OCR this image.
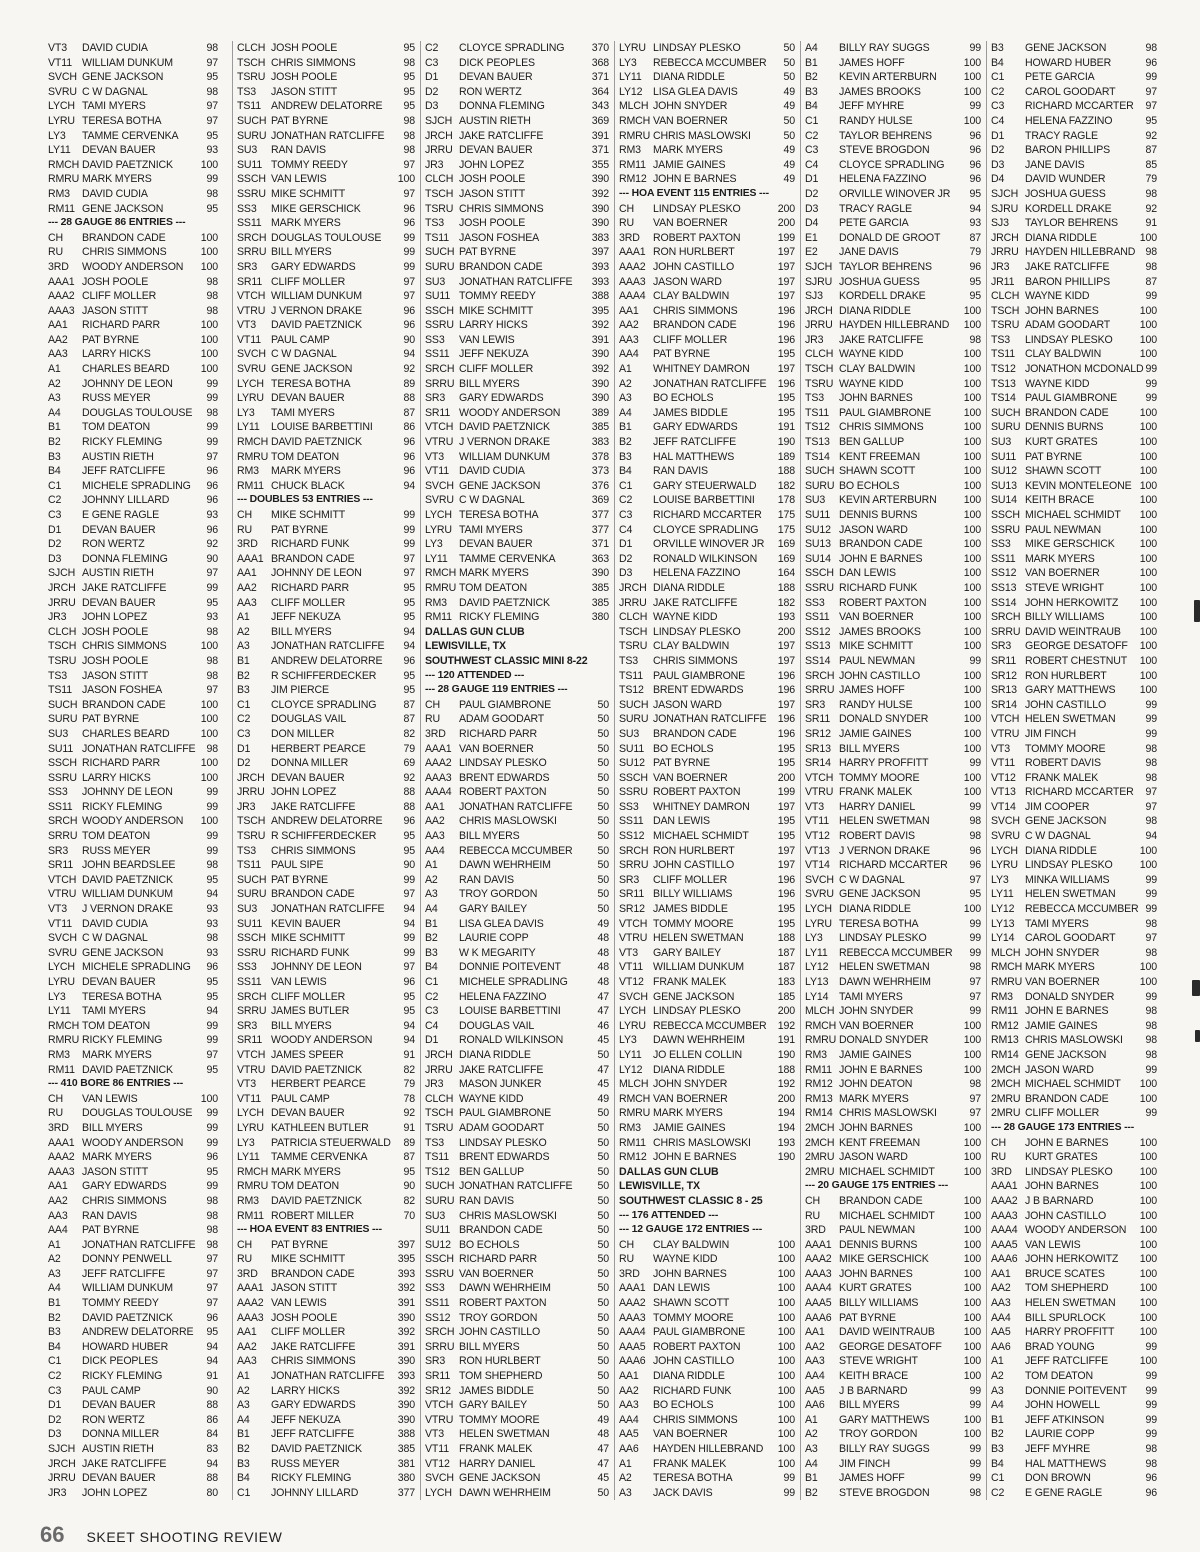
VT3 DAVID CUDIA	98
VT11 WILLIAM DUNKUM	97
SVCH GENE JACKSON	95
SVRU C W DAGNAL	98
LYCH TAMI MYERS	97
LYRU TERESA BOTHA	97
LY3 TAMME CERVENKA	95
LY11 DEVAN BAUER	93
RMCH DAVID PAETZNICK	100
RMRU MARK MYERS	99
RM3 DAVID CUDIA	98
RM11 GENE JACKSON	95
--- 28 GAUGE 86 ENTRIES ---
CH BRANDON CADE	100
RU CHRIS SIMMONS	100
3RD WOODY ANDERSON 100
AAA1 JOSH POOLE	98
AAA2 CLIFF MOLLER	98
AAA3 JASON STITT	98
AA1 RICHARD PARR	100
AA2 PAT BYRNE	100
AA3 LARRY HICKS	100
A1 CHARLES BEARD	100
A2 JOHNNY DE LEON	99
A3 RUSS MEYER	99
A4 DOUGLAS TOULOUSE 98
B1 TOM DEATON	99
B2 RICKY FLEMING	99
B3 AUSTIN RIETH	97
B4 JEFF RATCLIFFE	96
C1 MICHELE SPRADLING 96
C2 JOHNNY LILLARD	96
C3 E GENE RAGLE	93
D1 DEVAN BAUER	96
D2 RON WERTZ	92
D3 DONNA FLEMING	90
SJCH AUSTIN RIETH	97
JRCH JAKE RATCLIFFE	99
JRRU DEVAN BAUER	95
JR3 JOHN LOPEZ	93
CLCH JOSH POOLE	98
TSCH CHRIS SIMMONS	100
TSRU JOSH POOLE	98
TS3 JASON STITT	98
TS11 JASON FOSHEA	97
SUCH BRANDON CADE	100
SURU PAT BYRNE	100
SU3 CHARLES BEARD	100
SU11 JONATHAN RATCLIFFE 98
SSCH RICHARD PARR	100
SSRU LARRY HICKS	100
SS3 JOHNNY DE LEON	99
SS11 RICKY FLEMING	99
SRCH WOODY ANDERSON 100
SRRU TOM DEATON	99
SR3 RUSS MEYER	99
SR11 JOHN BEARDSLEE	98
VTCH DAVID PAETZNICK	95
VTRU WILLIAM DUNKUM	94
VT3 J VERNON DRAKE	93
VT11 DAVID CUDIA	93
SVCH C W DAGNAL	98
SVRU GENE JACKSON	93
LYCH MICHELE SPRADLING 96
LYRU DEVAN BAUER	95
LY3 TERESA BOTHA	95
LY11 TAMI MYERS	94
RMCH TOM DEATON	99
RMRU RICKY FLEMING	99
RM3 MARK MYERS	97
RM11 DAVID PAETZNICK	95
--- 410 BORE 86 ENTRIES ---
CH VAN LEWIS	100
RU DOUGLAS TOULOUSE 99
3RD BILL MYERS	99
AAA1 WOODY ANDERSON 99
AAA2 MARK MYERS	96
AAA3 JASON STITT	95
AA1 GARY EDWARDS	99
AA2 CHRIS SIMMONS	98
AA3 RAN DAVIS	98
AA4 PAT BYRNE	98
A1 JONATHAN RATCLIFFE 98
A2 DONNY PENWELL	97
A3 JEFF RATCLIFFE	97
A4 WILLIAM DUNKUM	97
B1 TOMMY REEDY	97
B2 DAVID PAETZNICK	96
B3 ANDREW DELATORRE 95
B4 HOWARD HUBER	94
C1 DICK PEOPLES	94
C2 RICKY FLEMING	91
C3 PAUL CAMP	90
D1 DEVAN BAUER	88
D2 RON WERTZ	86
D3 DONNA MILLER	84
SJCH AUSTIN RIETH	83
JRCH JAKE RATCLIFFE	94
JRRU DEVAN BAUER	88
JR3 JOHN LOPEZ	80
CLCH JOSH POOLE	95
TSCH CHRIS SIMMONS	98
TSRU JOSH POOLE	95
TS3 JASON STITT	95
TS11 ANDREW DELATORRE 95
SUCH PAT BYRNE	98
SURU JONATHAN RATCLIFFE 98
SU3 RAN DAVIS	98
SU11 TOMMY REEDY	97
SSCH VAN LEWIS	100
SSRU MIKE SCHMITT	97
SS3 MIKE GERSCHICK	96
SS11 MARK MYERS	96
SRCH DOUGLAS TOULOUSE 99
SRRU BILL MYERS	99
SR3 GARY EDWARDS	99
SR11 CLIFF MOLLER	97
VTCH WILLIAM DUNKUM	97
VTRU J VERNON DRAKE	96
VT3 DAVID PAETZNICK	96
VT11 PAUL CAMP	90
SVCH C W DAGNAL	94
SVRU GENE JACKSON	92
LYCH TERESA BOTHA	89
LYRU DEVAN BAUER	88
LY3 TAMI MYERS	87
LY11 LOUISE BARBETTINI	86
RMCH DAVID PAETZNICK	96
RMRU TOM DEATON	96
RM3 MARK MYERS	96
RM11 CHUCK BLACK	94
--- DOUBLES 53 ENTRIES ---
CH MIKE SCHMITT	99
RU PAT BYRNE	99
3RD RICHARD FUNK	99
AAA1 BRANDON CADE	97
AA1 JOHNNY DE LEON	97
AA2 RICHARD PARR	95
AA3 CLIFF MOLLER	95
A1 JEFF NEKUZA	95
A2 BILL MYERS	94
A3 JONATHAN RATCLIFFE 94
B1 ANDREW DELATORRE 96
B2 R SCHIFFERDECKER	95
B3 JIM PIERCE	95
C1 CLOYCE SPRADLING	87
C2 DOUGLAS VAIL	87
C3 DON MILLER	82
D1 HERBERT PEARCE	79
D2 DONNA MILLER	69
JRCH DEVAN BAUER	92
JRRU JOHN LOPEZ	88
JR3 JAKE RATCLIFFE	88
TSCH ANDREW DELATORRE 96
TSRU R SCHIFFERDECKER	95
TS3 CHRIS SIMMONS	95
TS11 PAUL SIPE	90
SUCH PAT BYRNE	99
SURU BRANDON CADE	97
SU3 JONATHAN RATCLIFFE 94
SU11 KEVIN BAUER	94
SSCH MIKE SCHMITT	99
SSRU RICHARD FUNK	99
SS3 JOHNNY DE LEON	97
SS11 VAN LEWIS	96
SRCH CLIFF MOLLER	95
SRRU JAMES BUTLER	95
SR3 BILL MYERS	94
SR11 WOODY ANDERSON	94
VTCH JAMES SPEER	91
VTRU DAVID PAETZNICK	82
VT3 HERBERT PEARCE	79
VT11 PAUL CAMP	78
LYCH DEVAN BAUER	92
LYRU KATHLEEN BUTLER	91
LY3 PATRICIA STEUERWALD 89
LY11 TAMME CERVENKA	87
RMCH MARK MYERS	95
RMRU TOM DEATON	90
RM3 DAVID PAETZNICK	82
RM11 ROBERT MILLER	70
--- HOA EVENT 83 ENTRIES ---
CH PAT BYRNE	397
RU MIKE SCHMITT	395
3RD BRANDON CADE	393
AAA1 JASON STITT	392
AAA2 VAN LEWIS	391
AAA3 JOSH POOLE	390
AA1 CLIFF MOLLER	392
AA2 JAKE RATCLIFFE	391
AA3 CHRIS SIMMONS	390
A1 JONATHAN RATCLIFFE 393
A2 LARRY HICKS	392
A3 GARY EDWARDS	390
A4 JEFF NEKUZA	390
B1 JEFF RATCLIFFE	388
B2 DAVID PAETZNICK	385
B3 RUSS MEYER	381
B4 RICKY FLEMING	380
C1 JOHNNY LILLARD	377
C2 CLOYCE SPRADLING	370
C3 DICK PEOPLES	368
D1 DEVAN BAUER	371
D2 RON WERTZ	364
D3 DONNA FLEMING	343
SJCH AUSTIN RIETH	369
JRCH JAKE RATCLIFFE	391
JRRU DEVAN BAUER	371
JR3 JOHN LOPEZ	355
CLCH JOSH POOLE	390
TSCH JASON STITT	392
TSRU CHRIS SIMMONS	390
TS3 JOSH POOLE	390
TS11 JASON FOSHEA	383
SUCH PAT BYRNE	397
SURU BRANDON CADE	393
SU3 JONATHAN RATCLIFFE 393
SU11 TOMMY REEDY	388
SSCH MIKE SCHMITT	395
SSRU LARRY HICKS	392
SS3 VAN LEWIS	391
SS11 JEFF NEKUZA	390
SRCH CLIFF MOLLER	392
SRRU BILL MYERS	390
SR3 GARY EDWARDS	390
SR11 WOODY ANDERSON	389
VTCH DAVID PAETZNICK	385
VTRU J VERNON DRAKE	383
VT3 WILLIAM DUNKUM	378
VT11 DAVID CUDIA	373
SVCH GENE JACKSON	376
SVRU C W DAGNAL	369
LYCH TERESA BOTHA	377
LYRU TAMI MYERS	377
LY3 DEVAN BAUER	371
LY11 TAMME CERVENKA	363
RMCH MARK MYERS	390
RMRU TOM DEATON	385
RM3 DAVID PAETZNICK	385
RM11 RICKY FLEMING	380
DALLAS GUN CLUB
LEWISVILLE, TX
SOUTHWEST CLASSIC MINI 8-22
--- 120 ATTENDED ---
--- 28 GAUGE 119 ENTRIES ---
CH PAUL GIAMBRONE	50
RU ADAM GOODART	50
3RD RICHARD PARR	50
AAA1 VAN BOERNER	50
AAA2 LINDSAY PLESKO	50
AAA3 BRENT EDWARDS	50
AAA4 ROBERT PAXTON	50
AA1 JONATHAN RATCLIFFE 50
AA2 CHRIS MASLOWSKI	50
AA3 BILL MYERS	50
AA4 REBECCA MCCUMBER 50
A1 DAWN WEHRHEIM	50
A2 RAN DAVIS	50
A3 TROY GORDON	50
A4 GARY BAILEY	50
B1 LISA GLEA DAVIS	49
B2 LAURIE COPP	48
B3 W K MEGARITY	48
B4 DONNIE POITEVENT	48
C1 MICHELE SPRADLING	48
C2 HELENA FAZZINO	47
C3 LOUISE BARBETTINI	47
C4 DOUGLAS VAIL	46
D1 RONALD WILKINSON	45
JRCH DIANA RIDDLE	50
JRRU JAKE RATCLIFFE	47
JR3 MASON JUNKER	45
CLCH WAYNE KIDD	49
TSCH PAUL GIAMBRONE	50
TSRU ADAM GOODART	50
TS3 LINDSAY PLESKO	50
TS11 BRENT EDWARDS	50
TS12 BEN GALLUP	50
SUCH JONATHAN RATCLIFFE 50
SURU RAN DAVIS	50
SU3 CHRIS MASLOWSKI	50
SU11 BRANDON CADE	50
SU12 BO ECHOLS	50
SSCH RICHARD PARR	50
SSRU VAN BOERNER	50
SS3 DAWN WEHRHEIM	50
SS11 ROBERT PAXTON	50
SS12 TROY GORDON	50
SRCH JOHN CASTILLO	50
SRRU BILL MYERS	50
SR3 RON HURLBERT	50
SR11 TOM SHEPHERD	50
SR12 JAMES BIDDLE	50
VTCH GARY BAILEY	50
VTRU TOMMY MOORE	49
VT3 HELEN SWETMAN	48
VT11 FRANK MALEK	47
VT12 HARRY DANIEL	47
SVCH GENE JACKSON	45
LYCH DAWN WEHRHEIM	50
LYRU LINDSAY PLESKO	50
LY3 REBECCA MCCUMBER 50
LY11 DIANA RIDDLE	50
LY12 LISA GLEA DAVIS	49
MLCH JOHN SNYDER	49
RMCH VAN BOERNER	50
RMRU CHRIS MASLOWSKI	50
RM3 MARK MYERS	49
RM11 JAMIE GAINES	49
RM12 JOHN E BARNES	49
--- HOA EVENT 115 ENTRIES ---
CH LINDSAY PLESKO	200
RU VAN BOERNER	200
3RD ROBERT PAXTON	199
AAA1 RON HURLBERT	197
AAA2 JOHN CASTILLO	197
AAA3 JASON WARD	197
AAA4 CLAY BALDWIN	197
AA1 CHRIS SIMMONS	196
AA2 BRANDON CADE	196
AA3 CLIFF MOLLER	196
AA4 PAT BYRNE	195
A1 WHITNEY DAMRON	197
A2 JONATHAN RATCLIFFE 196
A3 BO ECHOLS	195
A4 JAMES BIDDLE	195
B1 GARY EDWARDS	191
B2 JEFF RATCLIFFE	190
B3 HAL MATTHEWS	189
B4 RAN DAVIS	188
C1 GARY STEUERWALD 182
C2 LOUISE BARBETTINI 178
C3 RICHARD MCCARTER 175
C4 CLOYCE SPRADLING 175
D1 ORVILLE WINOVER JR 169
D2 RONALD WILKINSON 169
D3 HELENA FAZZINO	164
JRCH DIANA RIDDLE	188
JRRU JAKE RATCLIFFE	182
CLCH WAYNE KIDD	193
TSCH LINDSAY PLESKO	200
TSRU CLAY BALDWIN	197
TS3 CHRIS SIMMONS	197
TS11 PAUL GIAMBRONE	196
TS12 BRENT EDWARDS	196
SUCH JASON WARD	197
SURU JONATHAN RATCLIFFE 196
SU3 BRANDON CADE	196
SU11 BO ECHOLS	195
SU12 PAT BYRNE	195
SSCH VAN BOERNER	200
SSRU ROBERT PAXTON	199
SS3 WHITNEY DAMRON	197
SS11 DAN LEWIS	195
SS12 MICHAEL SCHMIDT	195
SRCH RON HURLBERT	197
SRRU JOHN CASTILLO	197
SR3 CLIFF MOLLER	196
SR11 BILLY WILLIAMS	196
SR12 JAMES BIDDLE	195
VTCH TOMMY MOORE	195
VTRU HELEN SWETMAN	188
VT3 GARY BAILEY	187
VT11 WILLIAM DUNKUM	187
VT12 FRANK MALEK	183
SVCH GENE JACKSON	185
LYCH LINDSAY PLESKO	200
LYRU REBECCA MCCUMBER 192
LY3 DAWN WEHRHEIM	191
LY11 JO ELLEN COLLIN	190
LY12 DIANA RIDDLE	188
MLCH JOHN SNYDER	192
RMCH VAN BOERNER	200
RMRU MARK MYERS	194
RM3 JAMIE GAINES	194
RM11 CHRIS MASLOWSKI	193
RM12 JOHN E BARNES	190
DALLAS GUN CLUB
LEWISVILLE, TX
SOUTHWEST CLASSIC 8 - 25
--- 176 ATTENDED ---
--- 12 GAUGE 172 ENTRIES ---
CH CLAY BALDWIN	100
RU WAYNE KIDD	100
3RD JOHN BARNES	100
AAA1 DAN LEWIS	100
AAA2 SHAWN SCOTT	100
AAA3 TOMMY MOORE	100
AAA4 PAUL GIAMBRONE	100
AAA5 ROBERT PAXTON	100
AAA6 JOHN CASTILLO	100
AA1 DIANA RIDDLE	100
AA2 RICHARD FUNK	100
AA3 BO ECHOLS	100
AA4 CHRIS SIMMONS	100
AA5 VAN BOERNER	100
AA6 HAYDEN HILLEBRAND 100
A1 FRANK MALEK	100
A2 TERESA BOTHA	99
A3 JACK DAVIS	99
A4 BILLY RAY SUGGS	99
B1 JAMES HOFF	100
B2 KEVIN ARTERBURN	100
B3 JAMES BROOKS	100
B4 JEFF MYHRE	99
C1 RANDY HULSE	100
C2 TAYLOR BEHRENS	96
C3 STEVE BROGDON	96
C4 CLOYCE SPRADLING 96
D1 HELENA FAZZINO	96
D2 ORVILLE WINOVER JR 95
D3 TRACY RAGLE	94
D4 PETE GARCIA	93
E1 DONALD DE GROOT	87
E2 JANE DAVIS	79
SJCH TAYLOR BEHRENS	96
SJRU JOSHUA GUESS	95
SJ3 KORDELL DRAKE	95
JRCH DIANA RIDDLE	100
JRRU HAYDEN HILLEBRAND 100
JR3 JAKE RATCLIFFE	98
CLCH WAYNE KIDD	100
TSCH CLAY BALDWIN	100
TSRU WAYNE KIDD	100
TS3 JOHN BARNES	100
TS11 PAUL GIAMBRONE	100
TS12 CHRIS SIMMONS	100
TS13 BEN GALLUP	100
TS14 KENT FREEMAN	100
SUCH SHAWN SCOTT	100
SURU BO ECHOLS	100
SU3 KEVIN ARTERBURN	100
SU11 DENNIS BURNS	100
SU12 JASON WARD	100
SU13 BRANDON CADE	100
SU14 JOHN E BARNES	100
SSCH DAN LEWIS	100
SSRU RICHARD FUNK	100
SS3 ROBERT PAXTON	100
SS11 VAN BOERNER	100
SS12 JAMES BROOKS	100
SS13 MIKE SCHMITT	100
SS14 PAUL NEWMAN	99
SRCH JOHN CASTILLO	100
SRRU JAMES HOFF	100
SR3 RANDY HULSE	100
SR11 DONALD SNYDER	100
SR12 JAMIE GAINES	100
SR13 BILL MYERS	100
SR14 HARRY PROFFITT	99
VTCH TOMMY MOORE	100
VTRU FRANK MALEK	100
VT3 HARRY DANIEL	99
VT11 HELEN SWETMAN	98
VT12 ROBERT DAVIS	98
VT13 J VERNON DRAKE	96
VT14 RICHARD MCCARTER 96
SVCH C W DAGNAL	97
SVRU GENE JACKSON	95
LYCH DIANA RIDDLE	100
LYRU TERESA BOTHA	99
LY3 LINDSAY PLESKO	99
LY11 REBECCA MCCUMBER 99
LY12 HELEN SWETMAN	98
LY13 DAWN WEHRHEIM	97
LY14 TAMI MYERS	97
MLCH JOHN SNYDER	99
RMCH VAN BOERNER	100
RMRU DONALD SNYDER	100
RM3 JAMIE GAINES	100
RM11 JOHN E BARNES	100
RM12 JOHN DEATON	98
RM13 MARK MYERS	97
RM14 CHRIS MASLOWSKI	97
2MCH JOHN BARNES	100
2MCH KENT FREEMAN	100
2MRU JASON WARD	100
2MRU MICHAEL SCHMIDT	100
--- 20 GAUGE 175 ENTRIES ---
CH BRANDON CADE	100
RU MICHAEL SCHMIDT	100
3RD PAUL NEWMAN	100
AAA1 DENNIS BURNS	100
AAA2 MIKE GERSCHICK	100
AAA3 JOHN BARNES	100
AAA4 KURT GRATES	100
AAA5 BILLY WILLIAMS	100
AAA6 PAT BYRNE	100
AA1 DAVID WEINTRAUB	100
AA2 GEORGE DESATOFF 100
AA3 STEVE WRIGHT	100
AA4 KEITH BRACE	100
AA5 J B BARNARD	99
AA6 BILL MYERS	99
A1 GARY MATTHEWS	100
A2 TROY GORDON	100
A3 BILLY RAY SUGGS	99
A4 JIM FINCH	99
B1 JAMES HOFF	99
B2 STEVE BROGDON	98
B3 GENE JACKSON	98
B4 HOWARD HUBER	96
C1 PETE GARCIA	99
C2 CAROL GOODART	97
C3 RICHARD MCCARTER 97
C4 HELENA FAZZINO	95
D1 TRACY RAGLE	92
D2 BARON PHILLIPS	87
D3 JANE DAVIS	85
D4 DAVID WUNDER	79
SJCH JOSHUA GUESS	98
SJRU KORDELL DRAKE	92
SJ3 TAYLOR BEHRENS	91
JRCH DIANA RIDDLE	100
JRRU HAYDEN HILLEBRAND 98
JR3 JAKE RATCLIFFE	98
JR11 BARON PHILLIPS	87
CLCH WAYNE KIDD	99
TSCH JOHN BARNES	100
TSRU ADAM GOODART	100
TS3 LINDSAY PLESKO	100
TS11 CLAY BALDWIN	100
TS12 JONATHON MCDONALD 99
TS13 WAYNE KIDD	99
TS14 PAUL GIAMBRONE	99
SUCH BRANDON CADE	100
SURU DENNIS BURNS	100
SU3 KURT GRATES	100
SU11 PAT BYRNE	100
SU12 SHAWN SCOTT	100
SU13 KEVIN MONTELEONE 100
SU14 KEITH BRACE	100
SSCH MICHAEL SCHMIDT 100
SSRU PAUL NEWMAN	100
SS3 MIKE GERSCHICK 100
SS11 MARK MYERS	100
SS12 VAN BOERNER	100
SS13 STEVE WRIGHT	100
SS14 JOHN HERKOWITZ 100
SRCH BILLY WILLIAMS	100
SRRU DAVID WEINTRAUB 100
SR3 GEORGE DESATOFF 100
SR11 ROBERT CHESTNUT 100
SR12 RON HURLBERT	100
SR13 GARY MATTHEWS 100
SR14 JOHN CASTILLO	99
VTCH HELEN SWETMAN	99
VTRU JIM FINCH	99
VT3 TOMMY MOORE	98
VT11 ROBERT DAVIS	98
VT12 FRANK MALEK	98
VT13 RICHARD MCCARTER 97
VT14 JIM COOPER	97
SVCH GENE JACKSON	98
SVRU C W DAGNAL	94
LYCH DIANA RIDDLE	100
LYRU LINDSAY PLESKO	100
LY3 MINKA WILLIAMS	99
LY11 HELEN SWETMAN	99
LY12 REBECCA MCCUMBER 99
LY13 TAMI MYERS	98
LY14 CAROL GOODART	97
MLCH JOHN SNYDER	98
RMCH MARK MYERS	100
RMRU VAN BOERNER	100
RM3 DONALD SNYDER	99
RM11 JOHN E BARNES	98
RM12 JAMIE GAINES	98
RM13 CHRIS MASLOWSKI 98
RM14 GENE JACKSON	98
2MCH JASON WARD	99
2MCH MICHAEL SCHMIDT 100
2MRU BRANDON CADE	100
2MRU CLIFF MOLLER	99
--- 28 GAUGE 173 ENTRIES ---
CH JOHN E BARNES	100
RU KURT GRATES	100
3RD LINDSAY PLESKO	100
AAA1 JOHN BARNES	100
AAA2 J B BARNARD	100
AAA3 JOHN CASTILLO	100
AAA4 WOODY ANDERSON 100
AAA5 VAN LEWIS	100
AAA6 JOHN HERKOWITZ 100
AA1 BRUCE SCATES	100
AA2 TOM SHEPHERD	100
AA3 HELEN SWETMAN 100
AA4 BILL SPURLOCK	100
AA5 HARRY PROFFITT 100
AA6 BRAD YOUNG	99
A1 JEFF RATCLIFFE	100
A2 TOM DEATON	99
A3 DONNIE POITEVENT 99
A4 JOHN HOWELL	99
B1 JEFF ATKINSON	99
B2 LAURIE COPP	99
B3 JEFF MYHRE	98
B4 HAL MATTHEWS	98
C1 DON BROWN	96
C2 E GENE RAGLE	96
66 SKEET SHOOTING REVIEW
